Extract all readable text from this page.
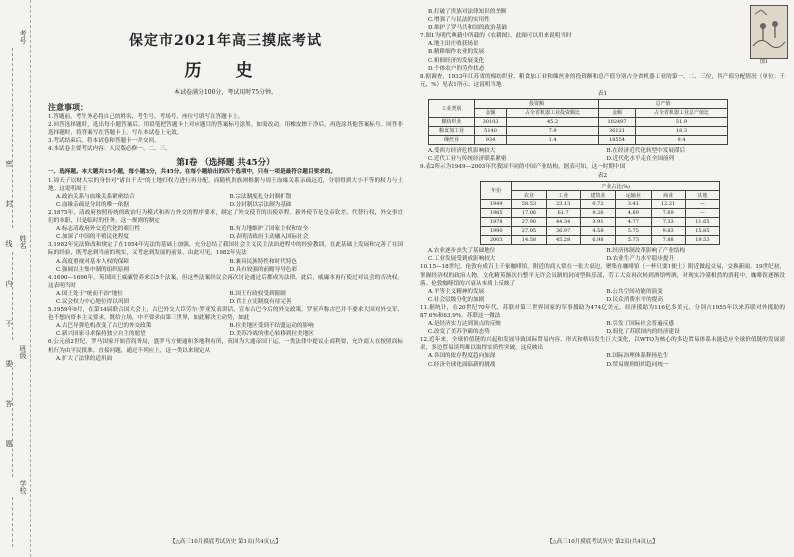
考号
姓名
班级
学校
密
封
线
内
不
要
答
题
保定市2021年高三摸底考试
历 史
本试卷满分100分，考试用时75分钟。
注意事项：

1.答题前，考生务必将自己的姓名、考生号、考场号、座位号填写在答题卡上。

2.回答选择题时，选出每小题答案后，用铅笔把答题卡上对应题目的答案标号涂黑。如需改动，用橡皮擦干净后，再选涂其他答案标号。回答非选择题时，将答案写在答题卡上。写在本试卷上无效。

3.考试结束后，将本试卷和答题卡一并交回。

4.本试卷主要考试内容：人民版必修一、二、三。

第Ⅰ卷 （选择题 共45分）

一、选择题。本大题共15小题，每小题3分，共45分。在每小题给出的四个选项中，只有一项是最符合题目要求的。

1.周天子以财大宗的身份对"诸自于天"的土地归权力进行再分配，而随机贵族则根据与周王血缘关系亲疏远近，分别得到大小不等的权力与土地。这说明周王

A.政治关系与血缘关系紧密结合	B.宗法制度扎分封制扩散
C.血缘亲疏是分封的唯一依据	D.分封制以宗法制为基础

2.1875年，清政府按照传统的政治行为模式和西方外交的程序要求，制定了外交使节的出使章程。新外使节是皇帝钦差，代替行权，外交事宜们的本职，只是临时的任务。这一规则的制定

A.标志清政府外交近代化的艰巨性	B.有力地维护了国家主权和安全
C.加深了中国的半殖民化程度	D.表明清政府主动融入国际社会

3.1982年宪法修改和规定了在1954年宪法的基础上加强，充分总结了我国社会主义民主法治进程中的经验教训，在此基础上发展和完善了在国际的经验，既考虑到当前的现实，又考虑到发展的前景。由此可见，1982年宪法

A.高度重视对基本人权的保障	B.兼具民族特性和时代特色
C.强调以主集中制的组织原则	D.具有较强的前瞻导导色彩

4.1690—1696年，英国国王威廉曾养来以5个法案，但这些法案经议会再次讨论通过后都成为法律。此后，威廉本再行使过对议会的否决权。这表明当时

A.国王处于"统而不治"地位	B.国王行政权受到限制
C.议会权力中心地位得以巩固	D.君主立宪制度有待完善

5.1959年9月，在第14届联合国大会上，古巴外交大臣劳尔·罗亚发表讲话，宣布古巴今后的外交政策，罗亚声称古巴并不要求大国对外交军，也不想向资本主义要求，既给立场，中不要求由第三世界，如此解决主动势，如此

A.古巴导弹危机改变了古巴的外交政策	B.拉美地区受到不结盟运动的影响
C.新兴国家寻求保持独立自主的愿望	D.美苏冷战的重心转移到拉美地区

6.公元前2世纪，罗马国家开始营商务局，盛罗马方便通和多地利有所，英国为大通帝国于运，一类法律中提议止商利要，允许商人在按照商标机行为由平民批准。直接问题，通过不列应上，这一类以来规定从

A.扩大了法律的适用面
【△高三10月摸底考试历史 第1页(共4页)△】
B.打破了贵族对法律知识的垄断
C.增强了与民法的实用性
D.维护了罗马共和国的政治基础

7.图1为明代典籍中所载的《农耕图》。此图可以用来说明当时

A.地主田庄收获场景
B.精耕细作农业的发展
C.租佃经济的发展变化
D.个体农户的劳作状态
图1

8.据调查，1933年江苏省的棉纺织业、粮食加工业和缫丝业的投资额和总产值分别占全省机器工业的第一、二、三位，其产值分配情况（单位：千元，%）见表1所示。这说明当地

表1
工业类别	投资额		总产值	
	金额	占全省机器工业投资额比	金额	占全省机器工业总产值比
棉纺织业	30103	45.2	102497	51.9
粮食加工业	5140	7.9	36121	18.3
缫丝业	934	1.4	18554	9.4
A.受西方经济危机影响较大	B.在经济近代化转型中发展滞后
C.近代工业与传统经济联系紧密	D.近代化水平走在全国前列

9.表2所示为1949—2003年代我国不同的中国产业结构。据表可知，这一时期中国

表2
年份	产业占比(%)					
	农业	工业	建筑业	运输业	商业	其他
1949	58.53	23.13	0.72	3.41	12.21	—
1965	17.06	61.7	9.26	4.89	7.69	—
1978	27.90	44.34	3.91	4.77	7.33	11.65
1990	27.05	36.97	4.58	5.75	9.83	15.85
2003	14.58	45.28	6.98	5.73	7.88	19.53
A.农业逐步丧失了基础地位	B.经济体制改革影响了产业结构
C.工业发展受到成影响较大	D.农业生产力水平稳步提升

10.15—18世纪，伦敦有成百上千家咖啡馆。附近的商人常在一张大桌边，聚集在咖啡馆（一杯只要1便士）附近做起交易，交换新闻。19世纪初，掌握经济权的政治人物，文化精英渐次扫整平无许会员制的封闭型俱乐部，劳工大众再次转到酒馆啤酒，对现实冷漠相然的消耗中，咖啡馆逐渐没落。伦敦咖啡馆的兴衰从本质上反映了

A.平等主义精神的发展	B.公共空间功能的演变
C.社会层级分化的加剧	D.民众消费水平的提高

11.据统计，在20世纪70年代，苏联对第三世界国家的军事援助为474亿美元，经济援助为116亿多美元，分别占1955年以来苏联对外援助的87.6%和63.9%。苏联这一做法

A.是经济实力达到顶点的反映	B.引发了国际社会普遍反感
C.改变了美苏争霸的态势	D.弱化了苏联国内的经济建设

12.近年来，全球价值链的兴起和发展导致国际贸易内容、形式和格局发生巨大变化，以WTO为核心的多边贸易体系未能适应全球价值链的发展需求，多边贸易谈判难以取得实质性突破。这反映出

A.各国的依存程度趋向加深	B.国际治理体系释扬危生
C.经济全球化面临新的挑战	D.贸易规则组织趋同统一
【△高三10月摸底考试历史 第2页(共4页)△】
